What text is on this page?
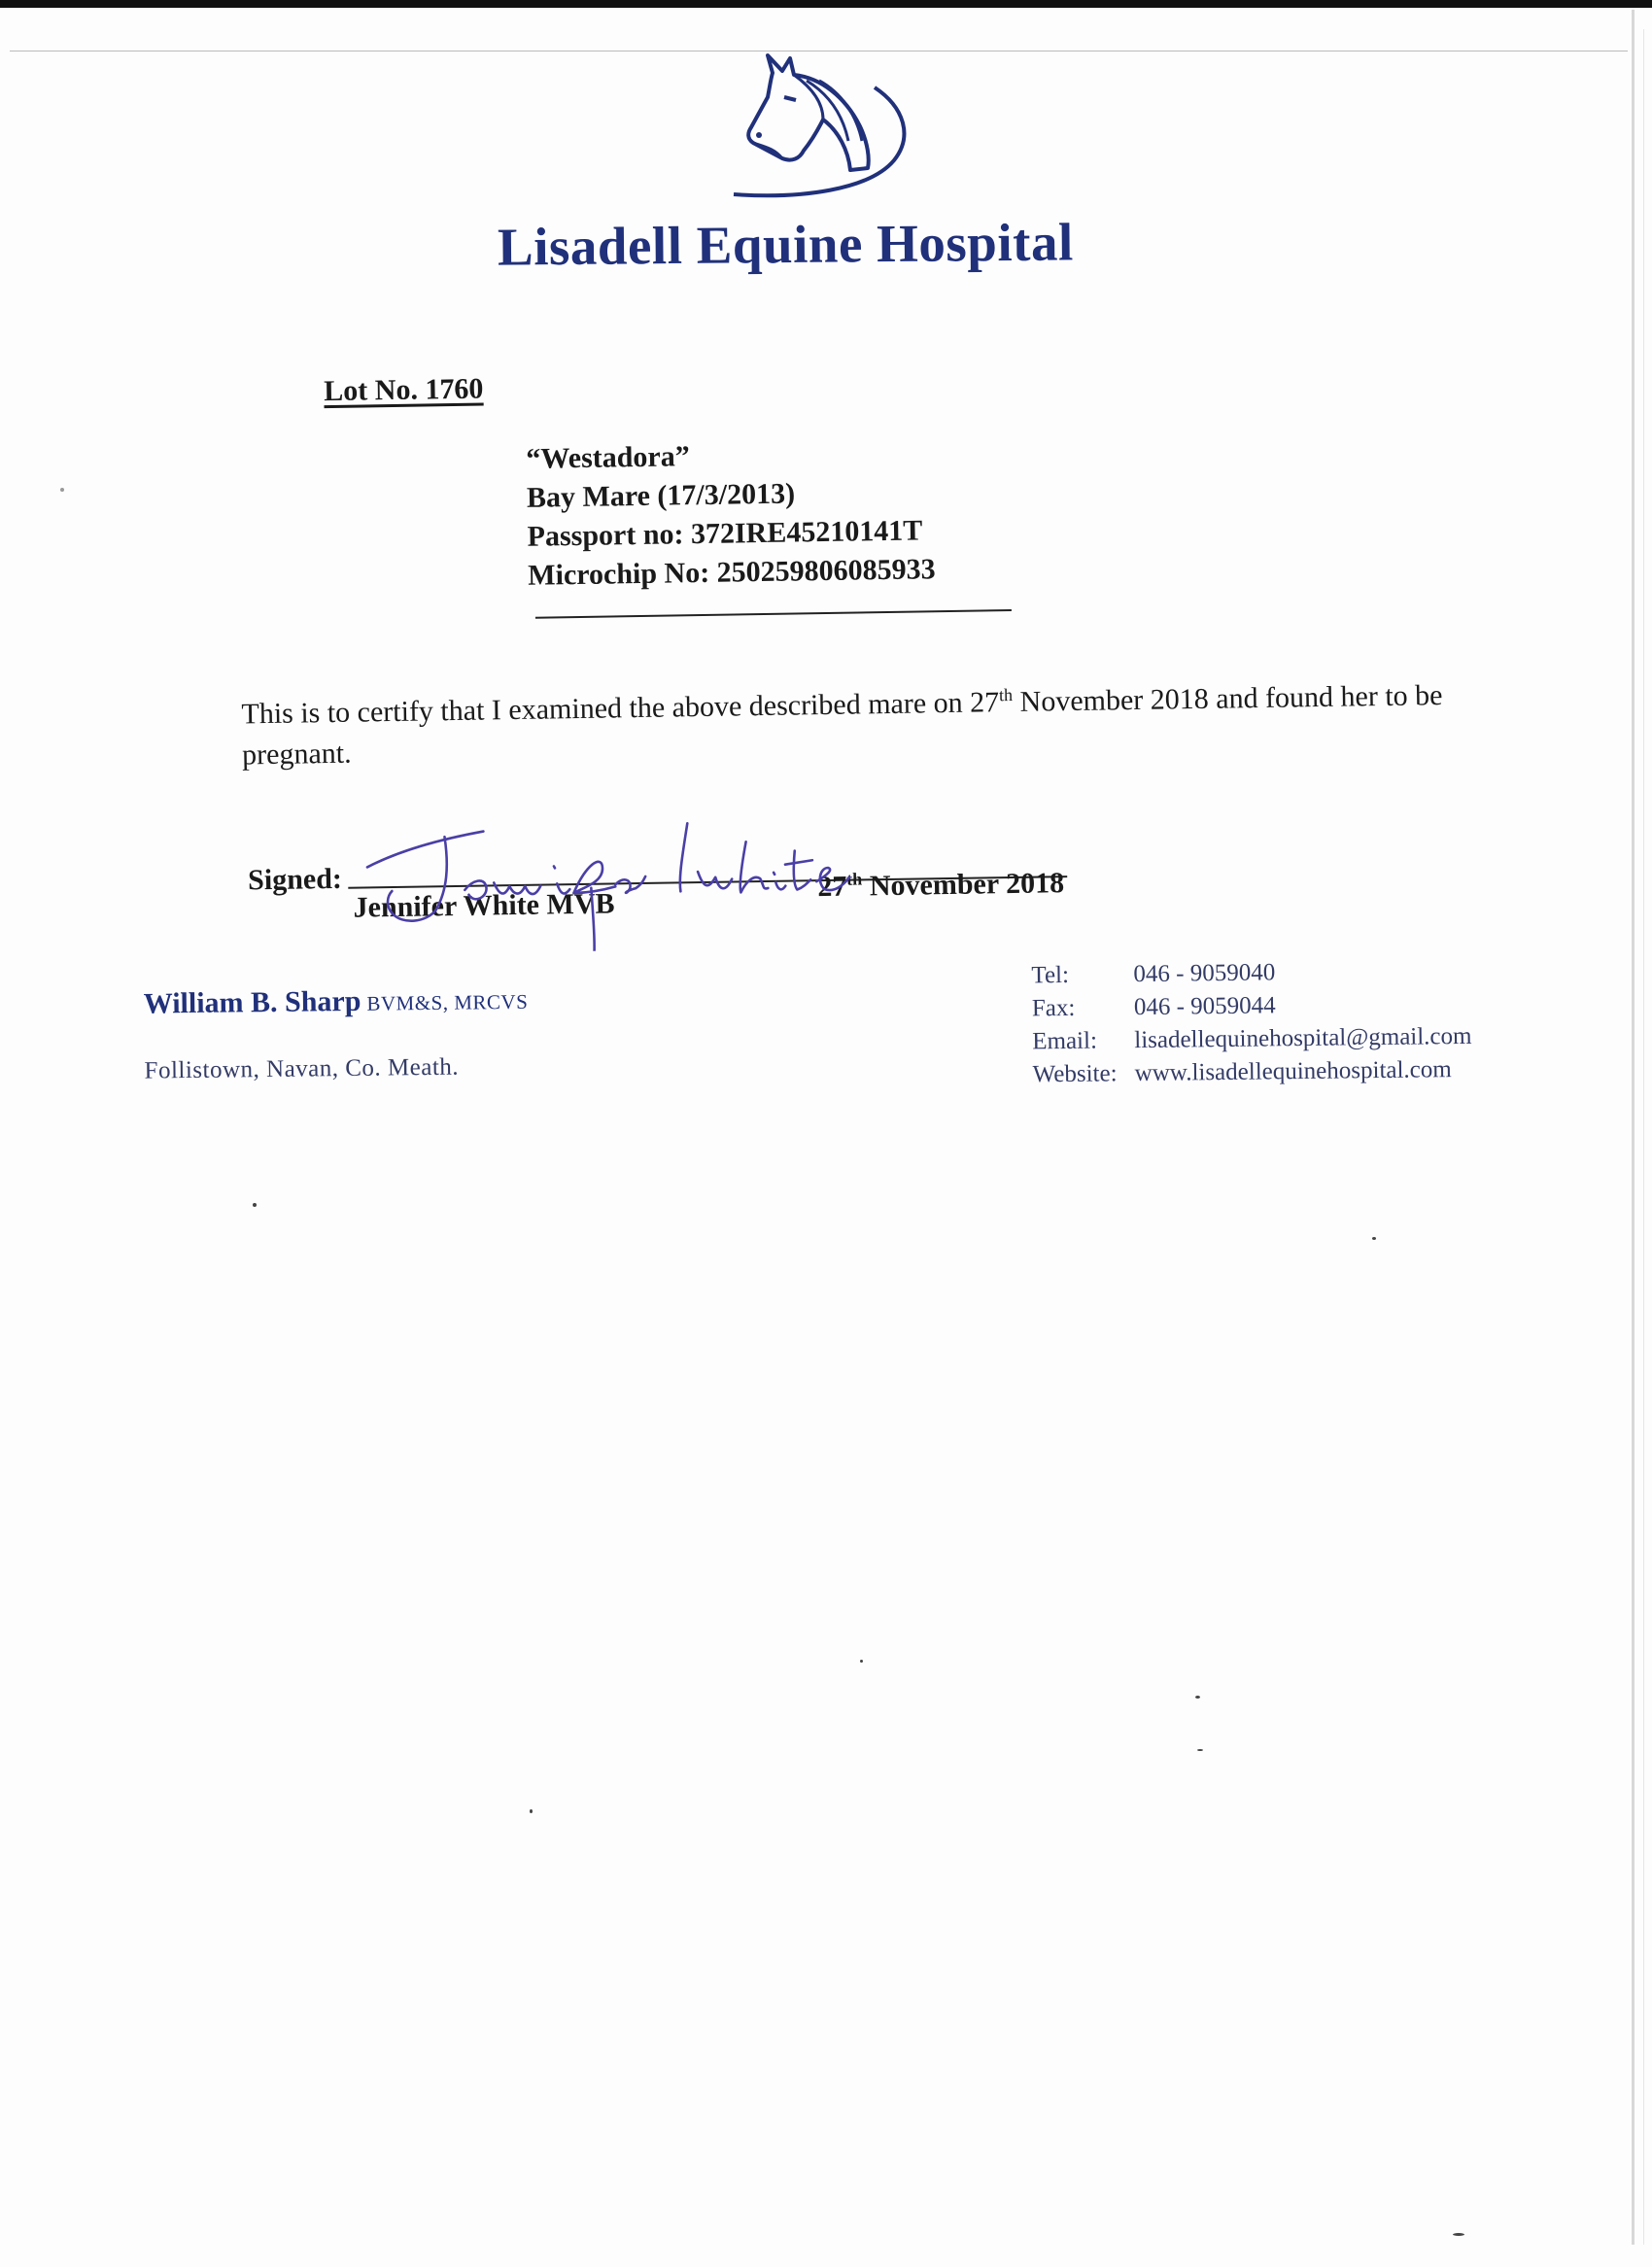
Lisadell Equine Hospital
Lot No. 1760
“Westadora”
Bay Mare (17/3/2013)
Passport no: 372IRE45210141T
Microchip No: 250259806085933
This is to certify that I examined the above described mare on 27th November 2018 and found her to be pregnant.
Signed:
Jennifer White MVB
27th November 2018
William B. Sharp BVM&S, MRCVS
Follistown, Navan, Co. Meath.
Tel:	046 - 9059040
Fax: 046 - 9059044
Email: lisadellequinehospital@gmail.com
Website: www.lisadellequinehospital.com
